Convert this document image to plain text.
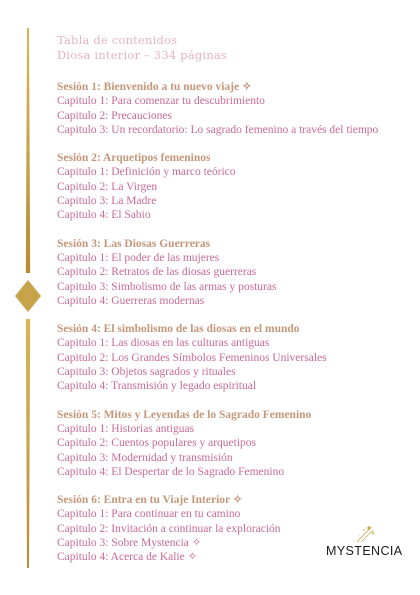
Tabla de contenidos
Diosa interior – 334 páginas
Sesión 1: Bienvenido a tu nuevo viaje ✧
Capitulo 1: Para comenzar tu descubrimiento
Capitulo 2: Precauciones
Capitulo 3: Un recordatorio: Lo sagrado femenino a través del tiempo
Sesión 2: Arquetipos femeninos
Capitulo 1: Definición y marco teórico
Capitulo 2: La Virgen
Capitulo 3: La Madre
Capitulo 4: El Sabio
Sesión 3: Las Diosas Guerreras
Capitulo 1: El poder de las mujeres
Capitulo 2: Retratos de las diosas guerreras
Capitulo 3: Simbolismo de las armas y posturas
Capitulo 4: Guerreras modernas
Sesión 4: El simbolismo de las diosas en el mundo
Capitulo 1: Las diosas en las culturas antiguas
Capitulo 2: Los Grandes Símbolos Femeninos Universales
Capitulo 3: Objetos sagrados y rituales
Capitulo 4: Transmisión y legado espiritual
Sesión 5: Mitos y Leyendas de lo Sagrado Femenino
Capitulo 1: Historias antiguas
Capitulo 2: Cuentos populares y arquetipos
Capitulo 3: Modernidad y transmisión
Capitulo 4: El Despertar de lo Sagrado Femenino
Sesión 6: Entra en tu Viaje Interior ✧
Capitulo 1: Para continuar en tu camino
Capitulo 2: Invitación a continuar la exploración
Capitulo 3: Sobre Mystencia ✧
Capitulo 4: Acerca de Kalie ✧	MYSTENCIA
